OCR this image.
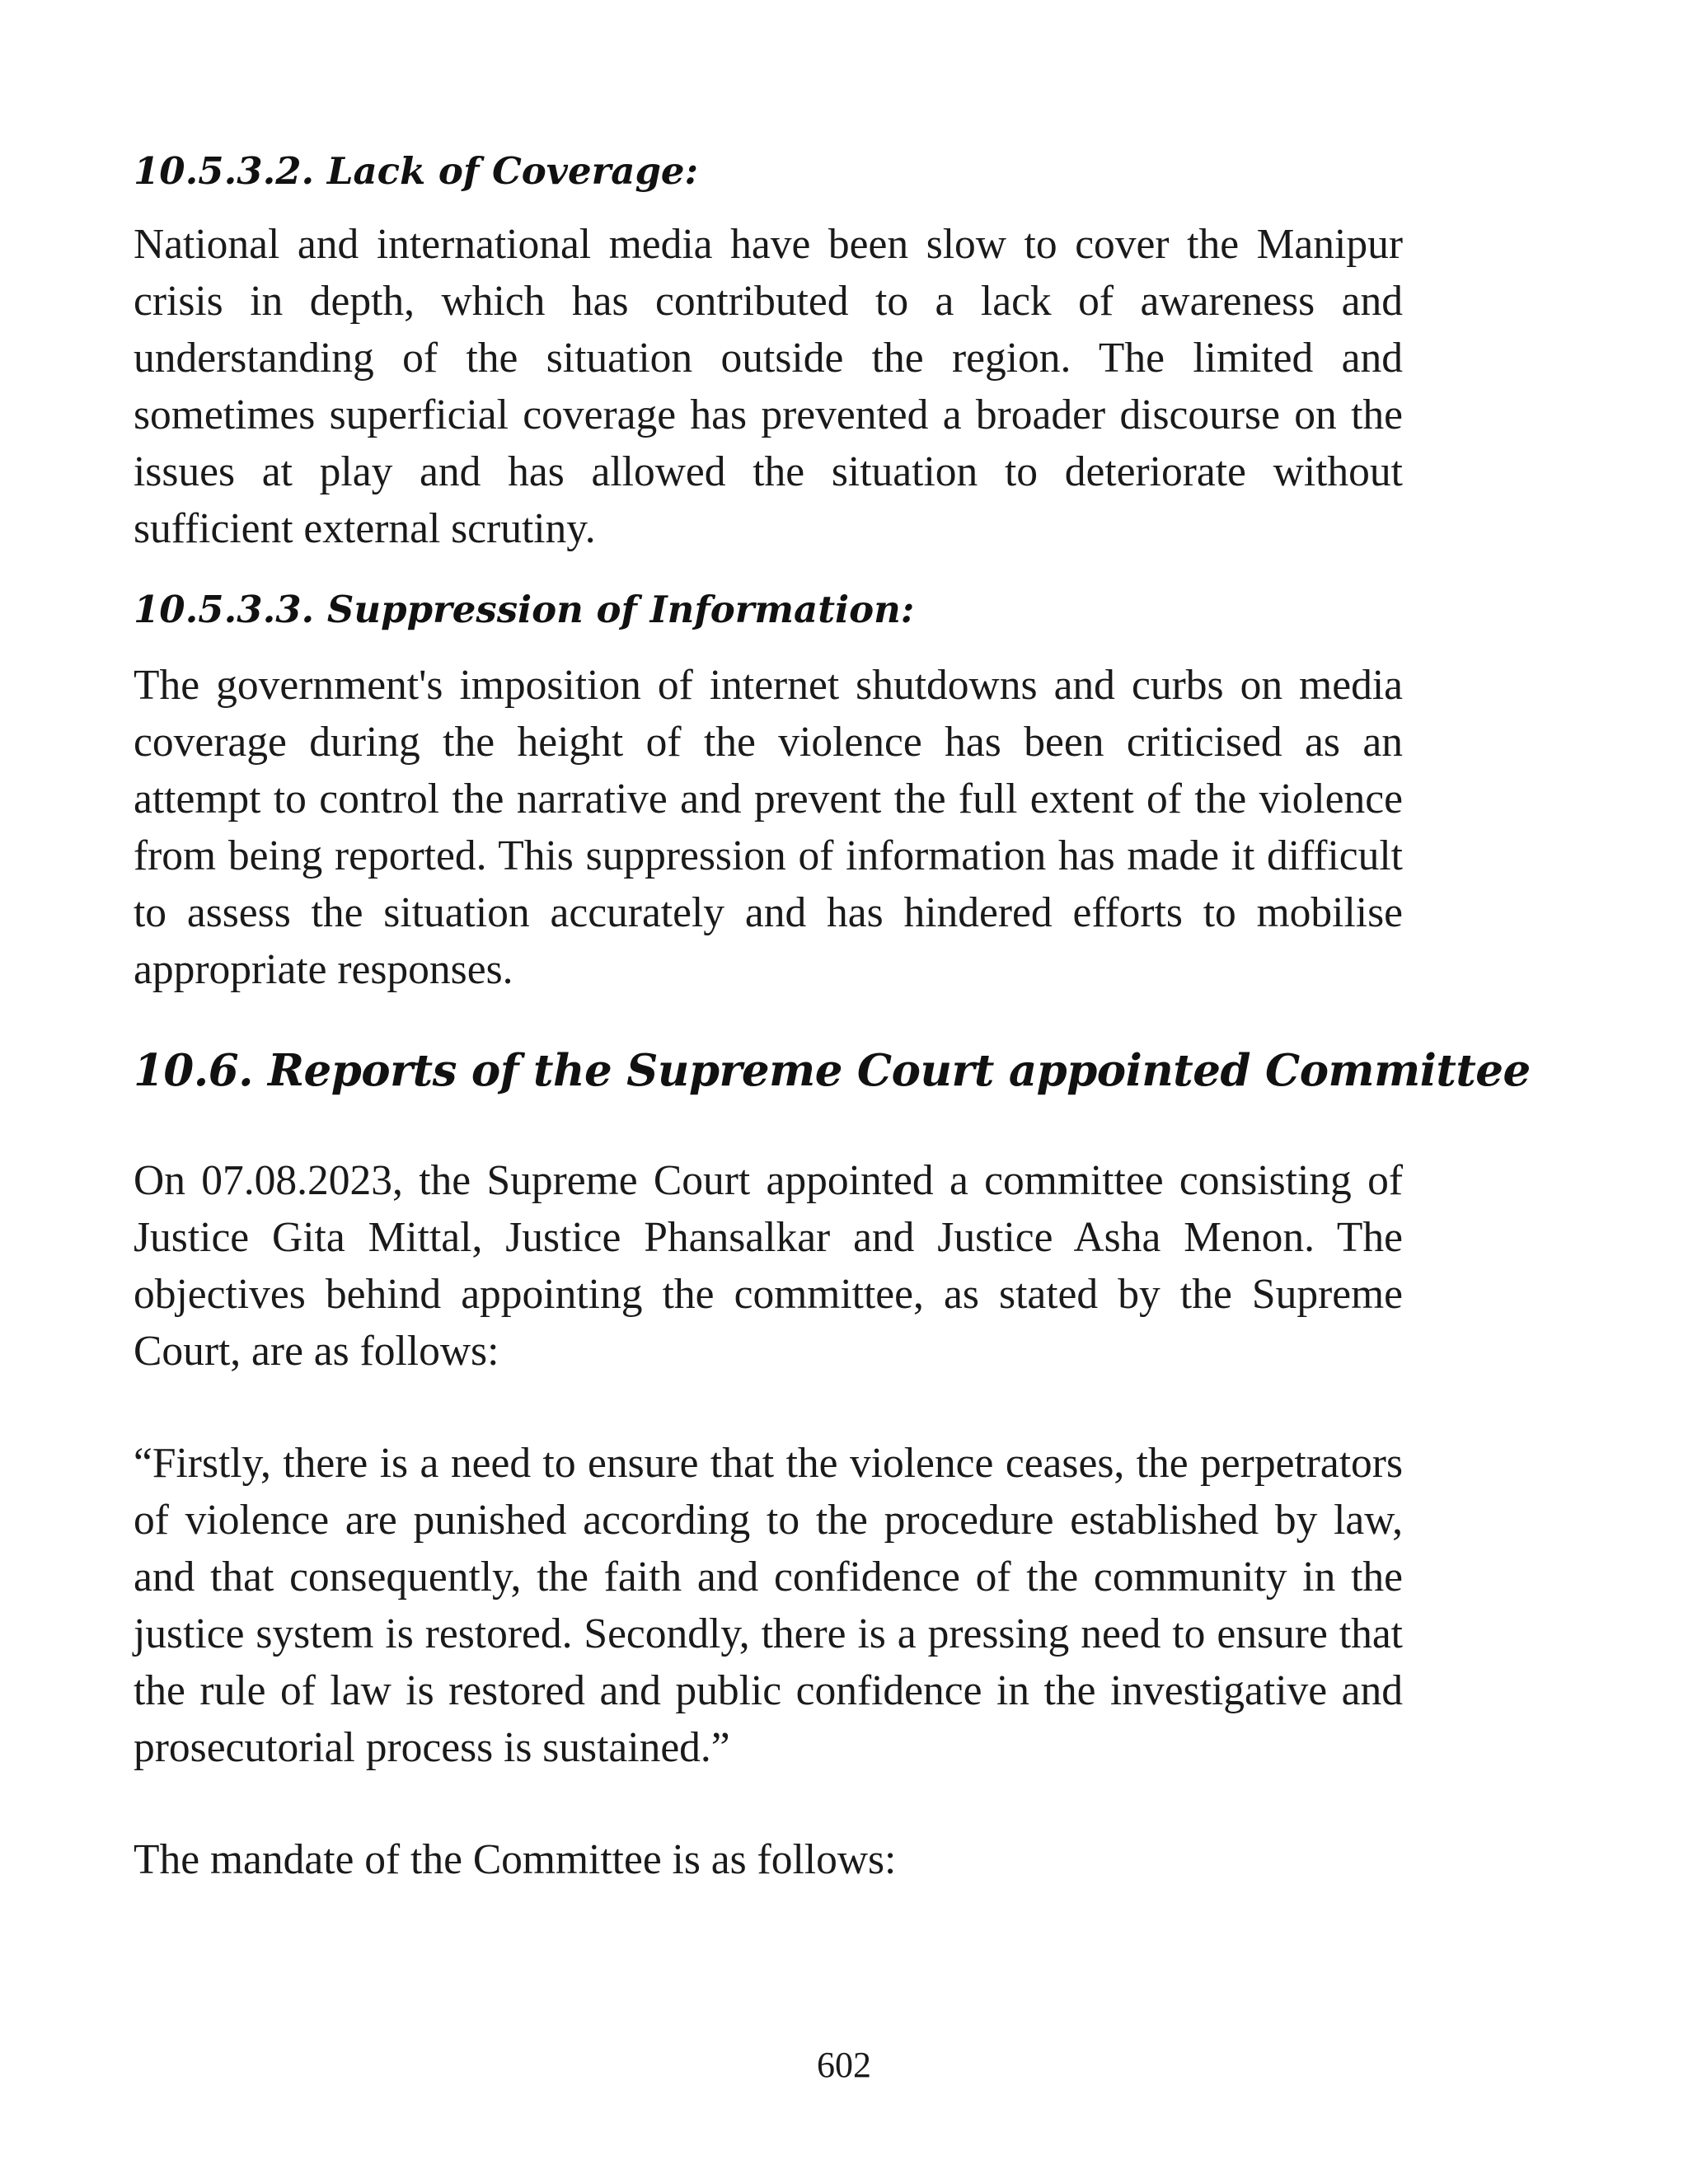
10.5.3.2. Lack of Coverage:

National and international media have been slow to cover the Manipur crisis in depth, which has contributed to a lack of awareness and understanding of the situation outside the region. The limited and sometimes superficial coverage has prevented a broader discourse on the issues at play and has allowed the situation to deteriorate without sufficient external scrutiny.

10.5.3.3. Suppression of Information:

The government's imposition of internet shutdowns and curbs on media coverage during the height of the violence has been criticised as an attempt to control the narrative and prevent the full extent of the violence from being reported. This suppression of information has made it difficult to assess the situation accurately and has hindered efforts to mobilise appropriate responses.

10.6. Reports of the Supreme Court appointed Committee

On 07.08.2023, the Supreme Court appointed a committee consisting of Justice Gita Mittal, Justice Phansalkar and Justice Asha Menon. The objectives behind appointing the committee, as stated by the Supreme Court, are as follows:

“Firstly, there is a need to ensure that the violence ceases, the perpetrators of violence are punished according to the procedure established by law, and that consequently, the faith and confidence of the community in the justice system is restored. Secondly, there is a pressing need to ensure that the rule of law is restored and public confidence in the investigative and prosecutorial process is sustained.”

The mandate of the Committee is as follows:

602
